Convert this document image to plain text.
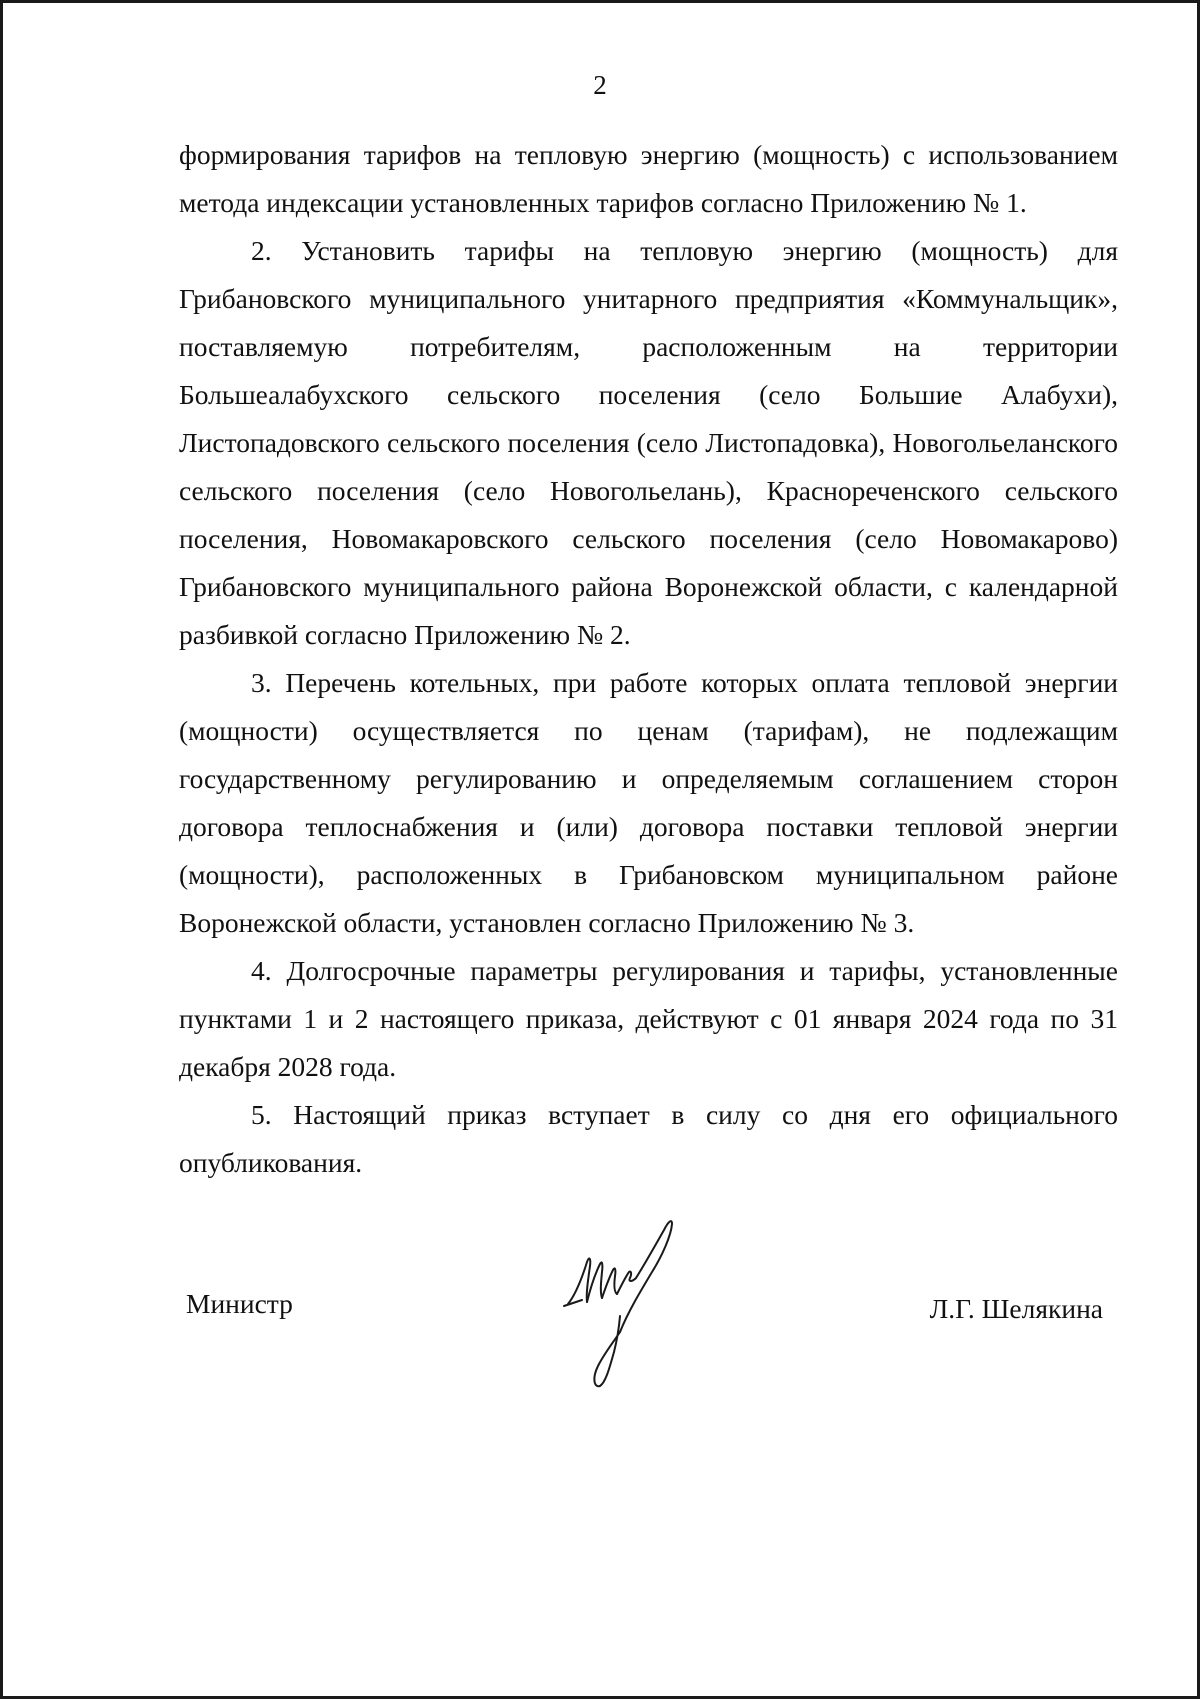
2

формирования тарифов на тепловую энергию (мощность) с использованием метода индексации установленных тарифов согласно Приложению № 1.

2. Установить тарифы на тепловую энергию (мощность) для Грибановского муниципального унитарного предприятия «Коммунальщик», поставляемую потребителям, расположенным на территории Большеалабухского сельского поселения (село Большие Алабухи), Листопадовского сельского поселения (село Листопадовка), Новогольеланского сельского поселения (село Новогольелань), Краснореченского сельского поселения, Новомакаровского сельского поселения (село Новомакарово) Грибановского муниципального района Воронежской области, с календарной разбивкой согласно Приложению № 2.

3. Перечень котельных, при работе которых оплата тепловой энергии (мощности) осуществляется по ценам (тарифам), не подлежащим государственному регулированию и определяемым соглашением сторон договора теплоснабжения и (или) договора поставки тепловой энергии (мощности), расположенных в Грибановском муниципальном районе Воронежской области, установлен согласно Приложению № 3.

4. Долгосрочные параметры регулирования и тарифы, установленные пунктами 1 и 2 настоящего приказа, действуют с 01 января 2024 года по 31 декабря 2028 года.

5. Настоящий приказ вступает в силу со дня его официального опубликования.

Министр	Л.Г. Шелякина
